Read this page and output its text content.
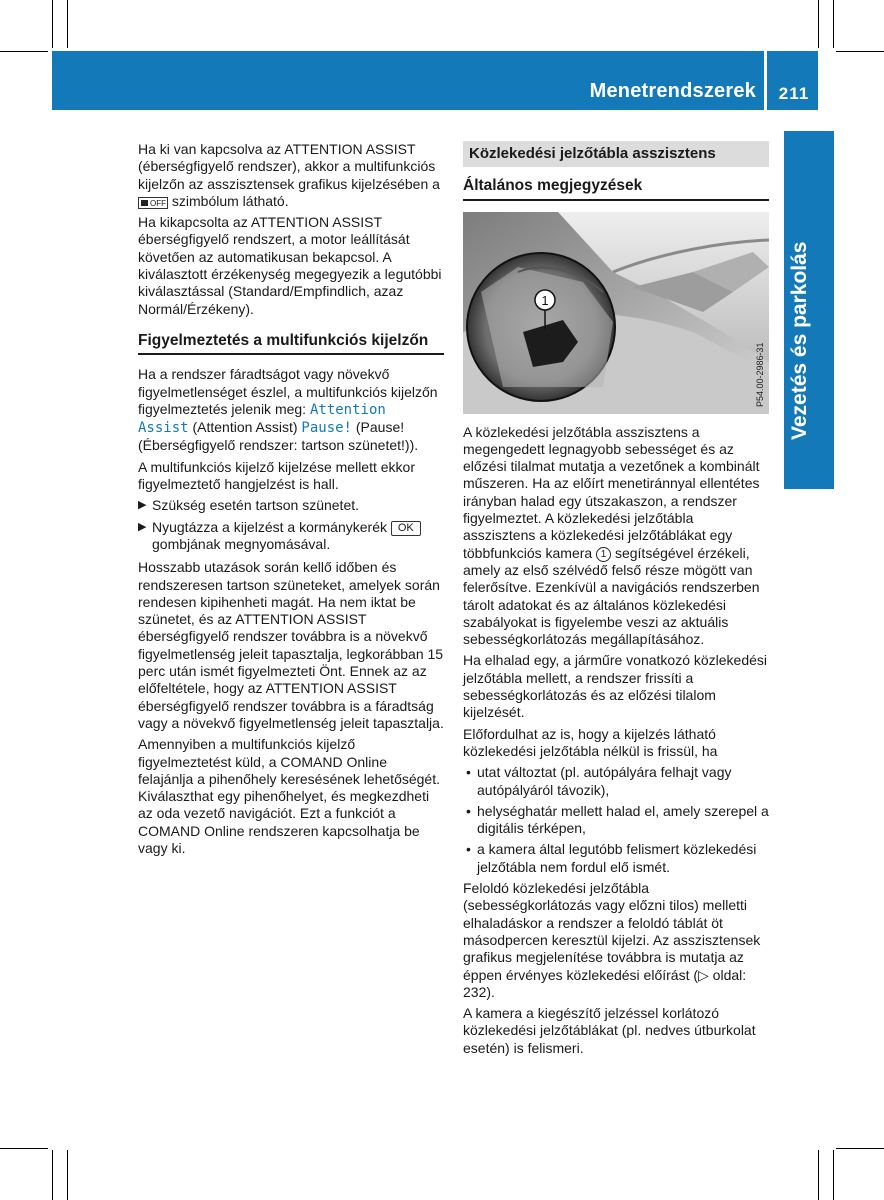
Menetrendszerek	211
Vezetés és parkolás

Ha ki van kapcsolva az ATTENTION ASSIST (éberségfigyelő rendszer), akkor a multifunkciós kijelzőn az asszisztensek grafikus kijelzésében a
OFF szimbólum látható.

Ha kikapcsolta az ATTENTION ASSIST éberségfigyelő rendszert, a motor leállítását követően az automatikusan bekapcsol. A kiválasztott érzékenység megegyezik a legutóbbi kiválasztással (Standard/Empfindlich, azaz Normál/Érzékeny).

Figyelmeztetés a multifunkciós kijelzőn

Ha a rendszer fáradtságot vagy növekvő figyelmetlenséget észlel, a multifunkciós kijelzőn figyelmeztetés jelenik meg: Attention Assist (Attention Assist) Pause! (Pause! (Éberségfigyelő rendszer: tartson szünetet!)).

A multifunkciós kijelző kijelzése mellett ekkor figyelmeztető hangjelzést is hall.

▶ Szükség esetén tartson szünetet.
▶ Nyugtázza a kijelzést a kormánykerék OK gombjának megnyomásával.

Hosszabb utazások során kellő időben és rendszeresen tartson szüneteket, amelyek során rendesen kipihenheti magát. Ha nem iktat be szünetet, és az ATTENTION ASSIST éberségfigyelő rendszer továbbra is a növekvő figyelmetlenség jeleit tapasztalja, legkorábban 15 perc után ismét figyelmezteti Önt. Ennek az az előfeltétele, hogy az ATTENTION ASSIST éberségfigyelő rendszer továbbra is a fáradtság vagy a növekvő figyelmetlenség jeleit tapasztalja.

Amennyiben a multifunkciós kijelző figyelmeztetést küld, a COMAND Online felajánlja a pihenőhely keresésének lehetőségét. Kiválaszthat egy pihenőhelyet, és megkezdheti az oda vezető navigációt. Ezt a funkciót a COMAND Online rendszeren kapcsolhatja be vagy ki.

Közlekedési jelzőtábla asszisztens
Általános megjegyzések
1
P54.00-2986-31

A közlekedési jelzőtábla asszisztens a megengedett legnagyobb sebességet és az előzési tilalmat mutatja a vezetőnek a kombinált műszeren. Ha az előírt menetiránnyal ellentétes irányban halad egy útszakaszon, a rendszer figyelmeztet. A közlekedési jelzőtábla asszisztens a közlekedési jelzőtáblákat egy többfunkciós kamera 1 segítségével érzékeli, amely az első szélvédő felső része mögött van felerősítve. Ezenkívül a navigációs rendszerben tárolt adatokat és az általános közlekedési szabályokat is figyelembe veszi az aktuális sebességkorlátozás megállapításához.

Ha elhalad egy, a járműre vonatkozó közlekedési jelzőtábla mellett, a rendszer frissíti a sebességkorlátozás és az előzési tilalom kijelzését.

Előfordulhat az is, hogy a kijelzés látható közlekedési jelzőtábla nélkül is frissül, ha

• utat változtat (pl. autópályára felhajt vagy autópályáról távozik),
• helységhatár mellett halad el, amely szerepel a digitális térképen,
• a kamera által legutóbb felismert közlekedési jelzőtábla nem fordul elő ismét.

Feloldó közlekedési jelzőtábla (sebességkorlátozás vagy előzni tilos) melletti elhaladáskor a rendszer a feloldó táblát öt másodpercen keresztül kijelzi. Az asszisztensek grafikus megjelenítése továbbra is mutatja az éppen érvényes közlekedési előírást (▷ oldal: 232).

A kamera a kiegészítő jelzéssel korlátozó közlekedési jelzőtáblákat (pl. nedves útburkolat esetén) is felismeri.
